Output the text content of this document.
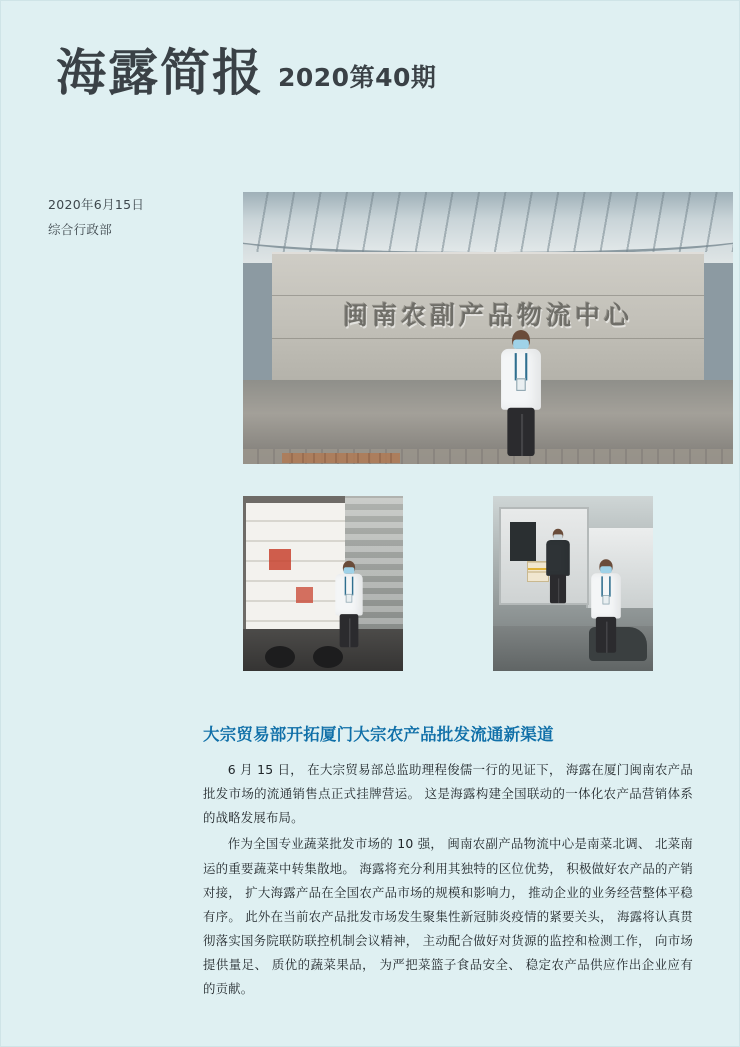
海露简报 2020第40期
2020年6月15日
综合行政部
闽南农副产品物流中心
大宗贸易部开拓厦门大宗农产品批发流通新渠道

6 月 15 日， 在大宗贸易部总监助理程俊儒一行的见证下， 海露在厦门闽南农产品批发市场的流通销售点正式挂牌营运。 这是海露构建全国联动的一体化农产品营销体系的战略发展布局。

作为全国专业蔬菜批发市场的 10 强， 闽南农副产品物流中心是南菜北调、 北菜南运的重要蔬菜中转集散地。 海露将充分利用其独特的区位优势， 积极做好农产品的产销对接， 扩大海露产品在全国农产品市场的规模和影响力， 推动企业的业务经营整体平稳有序。 此外在当前农产品批发市场发生聚集性新冠肺炎疫情的紧要关头， 海露将认真贯彻落实国务院联防联控机制会议精神， 主动配合做好对货源的监控和检测工作， 向市场提供量足、 质优的蔬菜果品， 为严把菜篮子食品安全、 稳定农产品供应作出企业应有的贡献。
